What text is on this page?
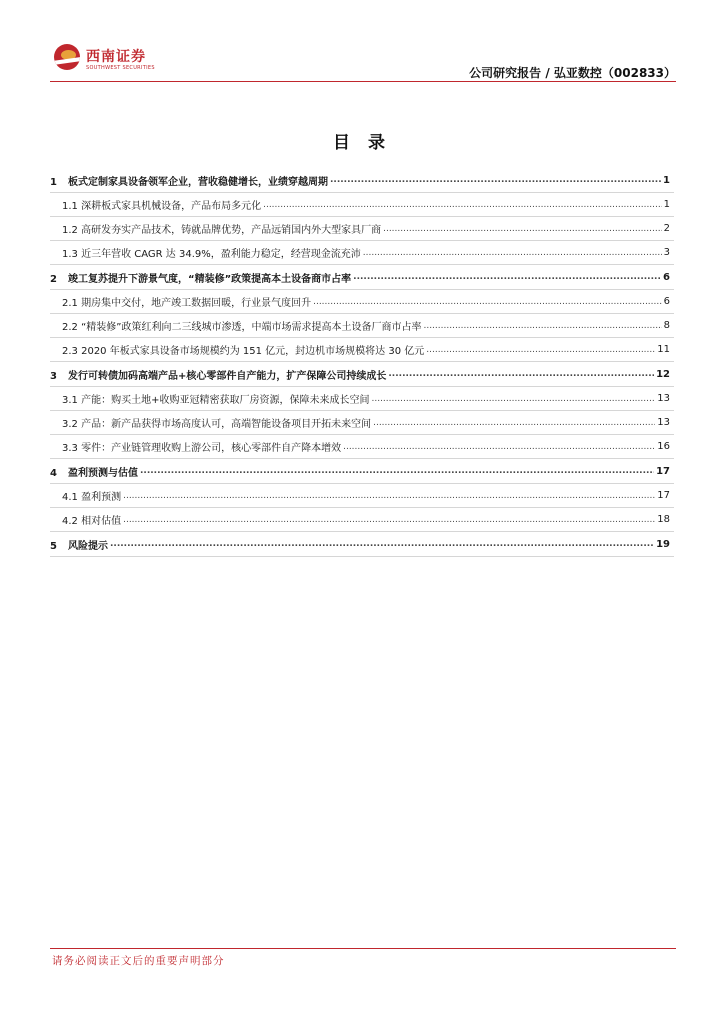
西南证券
SOUTHWEST SECURITIES	公司研究报告 / 弘亚数控（002833）
目 录
1 板式定制家具设备领军企业，营收稳健增长，业绩穿越周期 .....	1
1.1 深耕板式家具机械设备，产品布局多元化 .....	1
1.2 高研发夯实产品技术，铸就品牌优势，产品远销国内外大型家具厂商 .....	2
1.3 近三年营收 CAGR 达 34.9%，盈利能力稳定，经营现金流充沛 .....	3
2 竣工复苏提升下游景气度，“精装修”政策提高本土设备商市占率 .....	6
2.1 期房集中交付，地产竣工数据回暖，行业景气度回升 .....	6
2.2 “精装修”政策红利向二三线城市渗透，中端市场需求提高本土设备厂商市占率 .....	8
2.3 2020 年板式家具设备市场规模约为 151 亿元，封边机市场规模将达 30 亿元 .....	11
3 发行可转债加码高端产品+核心零部件自产能力，扩产保障公司持续成长 .....	12
3.1 产能：购买土地+收购亚冠精密获取厂房资源，保障未来成长空间 .....	13
3.2 产品：新产品获得市场高度认可，高端智能设备项目开拓未来空间 .....	13
3.3 零件：产业链管理收购上游公司，核心零部件自产降本增效 .....	16
4 盈利预测与估值 .....	17
4.1 盈利预测 .....	17
4.2 相对估值 .....	18
5 风险提示 .....	19
请务必阅读正文后的重要声明部分
